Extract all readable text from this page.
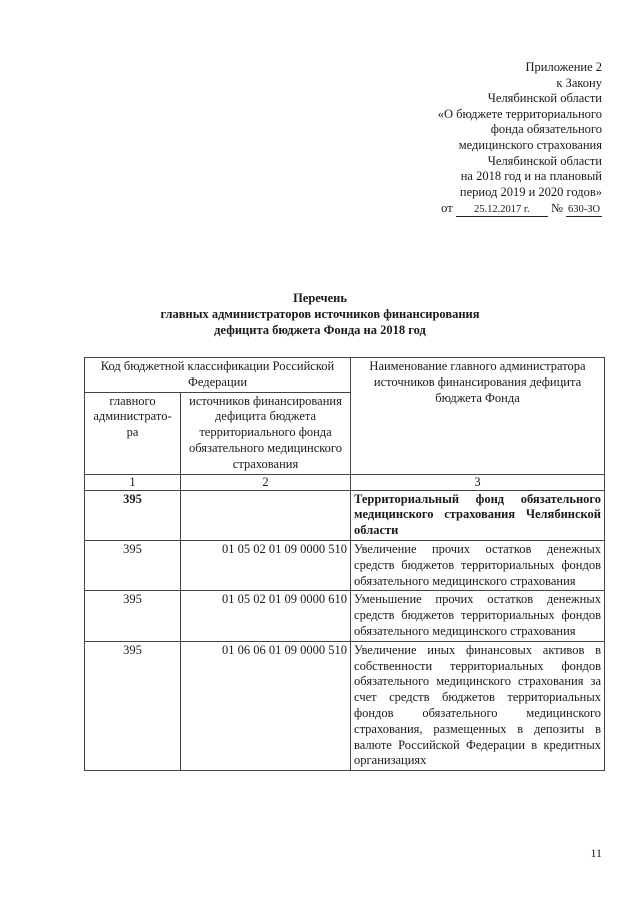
Приложение 2
к Закону
Челябинской области
«О бюджете территориального
фонда обязательного
медицинского страхования
Челябинской области
на 2018 год и на плановый
период 2019 и 2020 годов»
от 25.12.2017 г. № 630-ЗО
Перечень
главных администраторов источников финансирования
дефицита бюджета Фонда на 2018 год
Код бюджетной классификации Российской Федерации		Наименование главного администратора источников финансирования дефицита бюджета Фонда
главного администрато-ра	источников финансирования дефицита бюджета территориального фонда обязательного медицинского страхования	
1	2	3
395		Территориальный фонд обязательного медицинского страхования Челябинской области
395	01 05 02 01 09 0000 510	Увеличение прочих остатков денежных средств бюджетов территориальных фондов обязательного медицинского страхования
395	01 05 02 01 09 0000 610	Уменьшение прочих остатков денежных средств бюджетов территориальных фондов обязательного медицинского страхования
395	01 06 06 01 09 0000 510	Увеличение иных финансовых активов в собственности территориальных фондов обязательного медицинского страхования за счет средств бюджетов территориальных фондов обязательного медицинского страхования, размещенных в депозиты в валюте Российской Федерации в кредитных организациях
11
